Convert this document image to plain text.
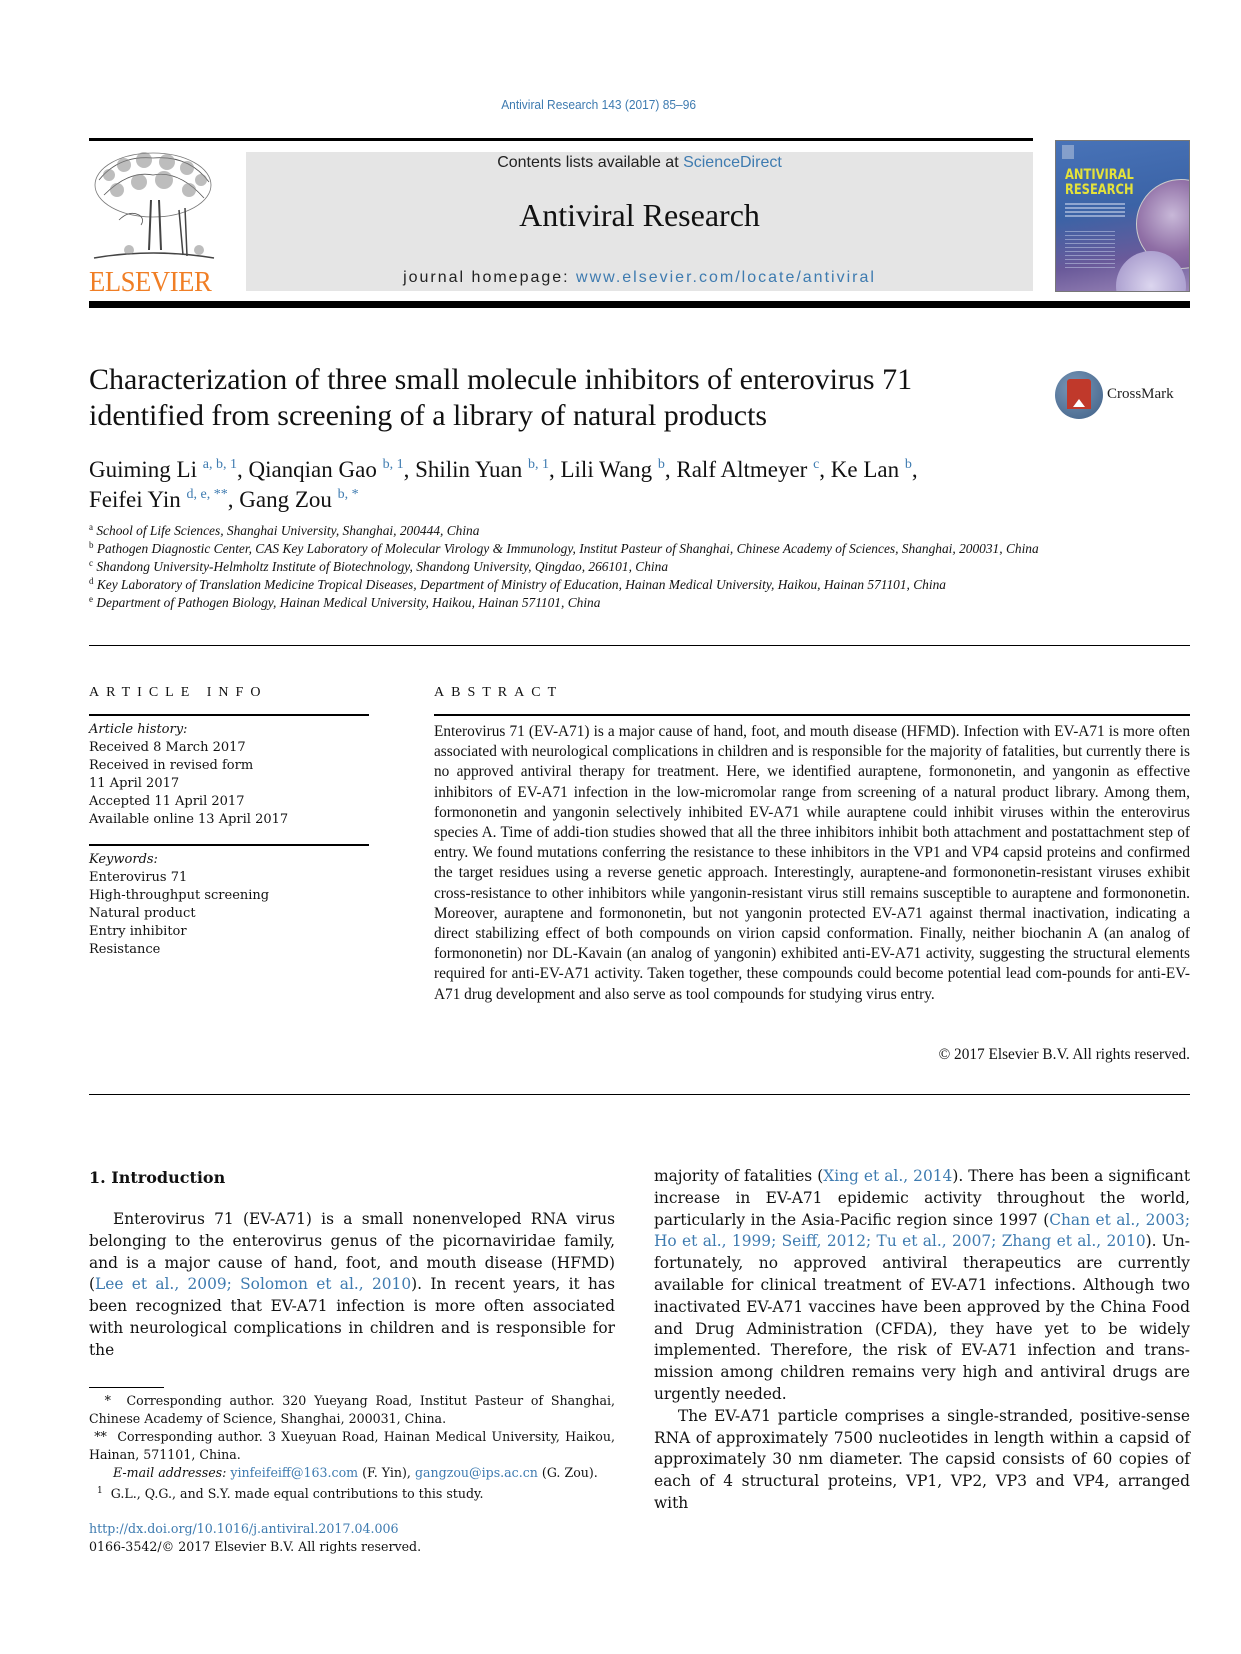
Antiviral Research 143 (2017) 85–96
ELSEVIER
Contents lists available at ScienceDirect
Antiviral Research
journal homepage: www.elsevier.com/locate/antiviral
ANTIVIRAL
RESEARCH
Characterization of three small molecule inhibitors of enterovirus 71
identified from screening of a library of natural products
CrossMark
Guiming Li $^{a, b, 1}$, Qianqian Gao $^{b, 1}$, Shilin Yuan $^{b, 1}$, Lili Wang $^b$, Ralf Altmeyer $^c$, Ke Lan $^b$,
Feifei Yin $^{d, e, **}$, Gang Zou $^{b, *}$
$^a$ School of Life Sciences, Shanghai University, Shanghai, 200444, China
$^b$ Pathogen Diagnostic Center, CAS Key Laboratory of Molecular Virology & Immunology, Institut Pasteur of Shanghai, Chinese Academy of Sciences, Shanghai, 200031, China
$^c$ Shandong University-Helmholtz Institute of Biotechnology, Shandong University, Qingdao, 266101, China
$^d$ Key Laboratory of Translation Medicine Tropical Diseases, Department of Ministry of Education, Hainan Medical University, Haikou, Hainan 571101, China
$^e$ Department of Pathogen Biology, Hainan Medical University, Haikou, Hainan 571101, China
ARTICLE INFO
Article history:
Received 8 March 2017
Received in revised form
11 April 2017
Accepted 11 April 2017
Available online 13 April 2017
Keywords:
Enterovirus 71
High-throughput screening
Natural product
Entry inhibitor
Resistance
ABSTRACT
Enterovirus 71 (EV-A71) is a major cause of hand, foot, and mouth disease (HFMD). Infection with EV-A71 is more often associated with neurological complications in children and is responsible for the majority of fatalities, but currently there is no approved antiviral therapy for treatment. Here, we identified auraptene, formononetin, and yangonin as effective inhibitors of EV-A71 infection in the low-micromolar range from screening of a natural product library. Among them, formononetin and yangonin selectively inhibited EV-A71 while auraptene could inhibit viruses within the enterovirus species A. Time of addi-tion studies showed that all the three inhibitors inhibit both attachment and postattachment step of entry. We found mutations conferring the resistance to these inhibitors in the VP1 and VP4 capsid proteins and confirmed the target residues using a reverse genetic approach. Interestingly, auraptene-and formononetin-resistant viruses exhibit cross-resistance to other inhibitors while yangonin-resistant virus still remains susceptible to auraptene and formononetin. Moreover, auraptene and formononetin, but not yangonin protected EV-A71 against thermal inactivation, indicating a direct stabilizing effect of both compounds on virion capsid conformation. Finally, neither biochanin A (an analog of formononetin) nor DL-Kavain (an analog of yangonin) exhibited anti-EV-A71 activity, suggesting the structural elements required for anti-EV-A71 activity. Taken together, these compounds could become potential lead com-pounds for anti-EV-A71 drug development and also serve as tool compounds for studying virus entry.
© 2017 Elsevier B.V. All rights reserved.
1. Introduction

Enterovirus 71 (EV-A71) is a small nonenveloped RNA virus belonging to the enterovirus genus of the picornaviridae family, and is a major cause of hand, foot, and mouth disease (HFMD) (Lee et al., 2009; Solomon et al., 2010). In recent years, it has been recognized that EV-A71 infection is more often associated with neurological complications in children and is responsible for the

majority of fatalities (Xing et al., 2014). There has been a significant increase in EV-A71 epidemic activity throughout the world, particularly in the Asia-Pacific region since 1997 (Chan et al., 2003; Ho et al., 1999; Seiff, 2012; Tu et al., 2007; Zhang et al., 2010). Un-fortunately, no approved antiviral therapeutics are currently available for clinical treatment of EV-A71 infections. Although two inactivated EV-A71 vaccines have been approved by the China Food and Drug Administration (CFDA), they have yet to be widely implemented. Therefore, the risk of EV-A71 infection and trans-mission among children remains very high and antiviral drugs are urgently needed.

The EV-A71 particle comprises a single-stranded, positive-sense RNA of approximately 7500 nucleotides in length within a capsid of approximately 30 nm diameter. The capsid consists of 60 copies of each of 4 structural proteins, VP1, VP2, VP3 and VP4, arranged with

*  Corresponding author. 320 Yueyang Road, Institut Pasteur of Shanghai, Chinese Academy of Science, Shanghai, 200031, China.
**  Corresponding author. 3 Xueyuan Road, Hainan Medical University, Haikou, Hainan, 571101, China.
E-mail addresses: yinfeifeiff@163.com (F. Yin), gangzou@ips.ac.cn (G. Zou).
$^1$ G.L., Q.G., and S.Y. made equal contributions to this study.
http://dx.doi.org/10.1016/j.antiviral.2017.04.006
0166-3542/© 2017 Elsevier B.V. All rights reserved.
